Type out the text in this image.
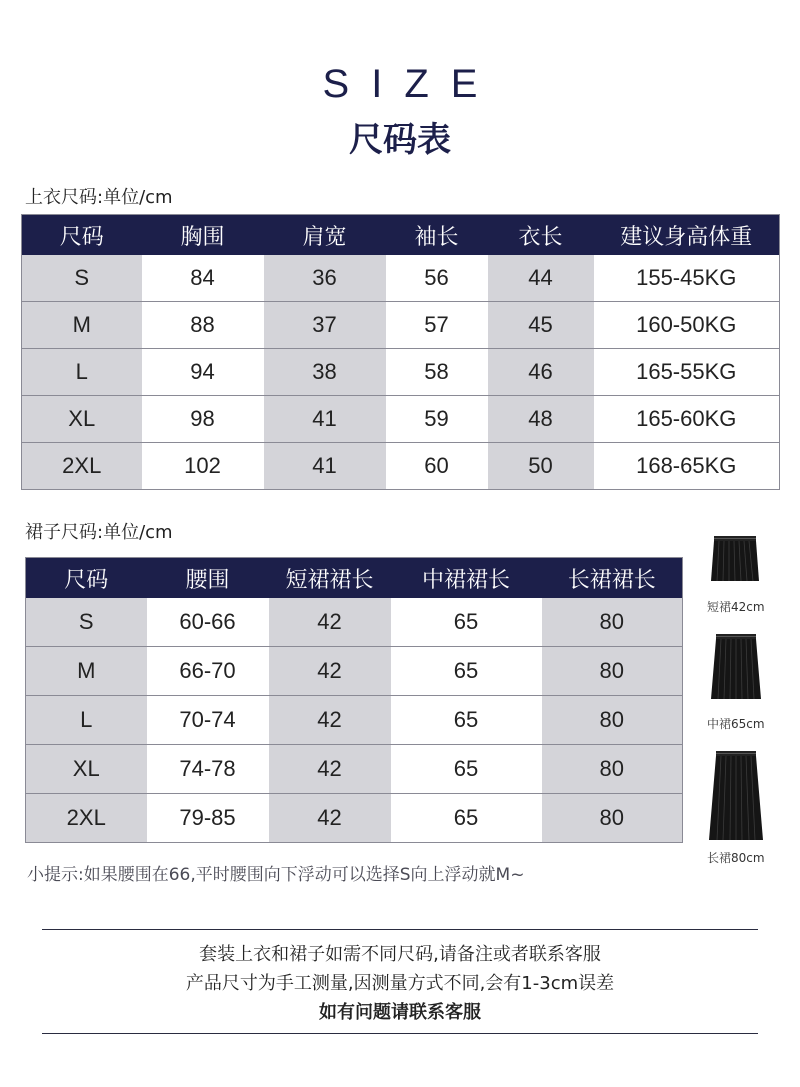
SIZE
尺码表
上衣尺码:单位/cm
尺码	胸围	肩宽	袖长	衣长	建议身高体重
S	84	36	56	44	155-45KG
M	88	37	57	45	160-50KG
L	94	38	58	46	165-55KG
XL	98	41	59	48	165-60KG
2XL	102	41	60	50	168-65KG
裙子尺码:单位/cm
尺码	腰围	短裙裙长	中裙裙长	长裙裙长
S	60-66	42	65	80
M	66-70	42	65	80
L	70-74	42	65	80
XL	74-78	42	65	80
2XL	79-85	42	65	80
短裙42cm
中裙65cm
长裙80cm
小提示:如果腰围在66,平时腰围向下浮动可以选择S向上浮动就M~
套装上衣和裙子如需不同尺码,请备注或者联系客服
产品尺寸为手工测量,因测量方式不同,会有1-3cm误差
如有问题请联系客服
